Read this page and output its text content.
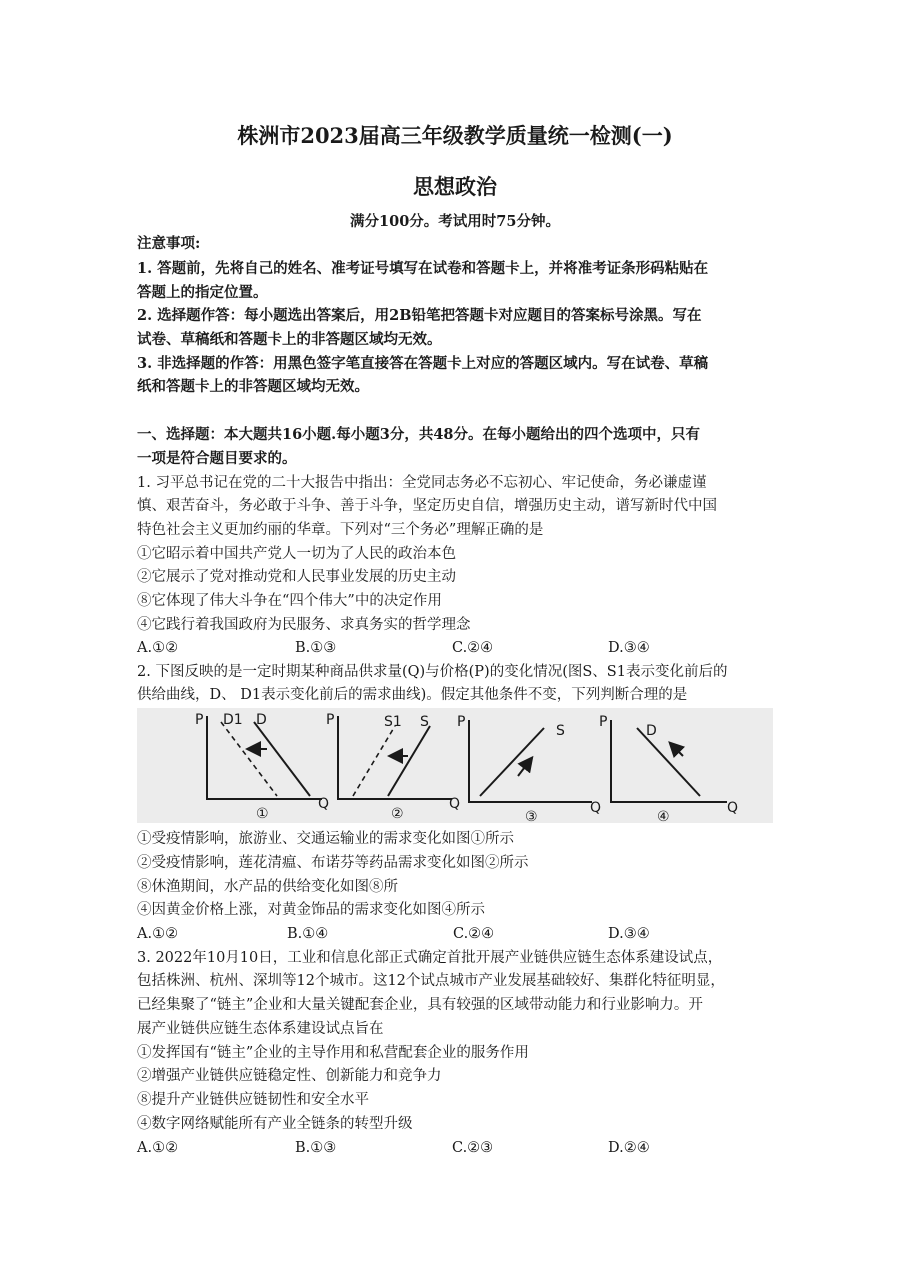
株洲市2023届高三年级教学质量统一检测(一)
思想政治
满分100分。考试用时75分钟。
注意事项:
1. 答题前，先将自己的姓名、准考证号填写在试卷和答题卡上，并将准考证条形码粘贴在
答题上的指定位置。
2. 选择题作答：每小题选出答案后，用2B铅笔把答题卡对应题目的答案标号涂黑。写在
试卷、草稿纸和答题卡上的非答题区域均无效。
3. 非选择题的作答：用黑色签字笔直接答在答题卡上对应的答题区域内。写在试卷、草稿
纸和答题卡上的非答题区域均无效。
一、选择题：本大题共16小题.每小题3分，共48分。在每小题给出的四个选项中，只有
一项是符合题目要求的。
1. 习平总书记在党的二十大报告中指出：全党同志务必不忘初心、牢记使命，务必谦虚谨
慎、艰苦奋斗，务必敢于斗争、善于斗争，坚定历史自信，增强历史主动，谱写新时代中国
特色社会主义更加约丽的华章。下列对“三个务必”理解正确的是
①它昭示着中国共产党人一切为了人民的政治本色
②它展示了党对推动党和人民事业发展的历史主动
⑧它体现了伟大斗争在“四个伟大”中的决定作用
④它践行着我国政府为民服务、求真务实的哲学理念
A.①②	B.①③	C.②④	D.③④
2. 下图反映的是一定时期某种商品供求量(Q)与价格(P)的变化情况(图S、S1表示变化前后的
供给曲线，D、 D1表示变化前后的需求曲线)。假定其他条件不变，下列判断合理的是
P
Q
D1 D
①
P
Q
S1 S
②
P
Q
S
③
P
Q
D
④
①受疫情影响，旅游业、交通运输业的需求变化如图①所示
②受疫情影响，莲花清瘟、布诺芬等药品需求变化如图②所示
⑧休渔期间，水产品的供给变化如图⑧所
④因黄金价格上涨，对黄金饰品的需求变化如图④所示
A.①②	B.①④	C.②④	D.③④
3. 2022年10月10日，工业和信息化部正式确定首批开展产业链供应链生态体系建设试点，
包括株洲、杭州、深圳等12个城市。这12个试点城市产业发展基础较好、集群化特征明显，
已经集聚了“链主”企业和大量关键配套企业，具有较强的区域带动能力和行业影响力。开
展产业链供应链生态体系建设试点旨在
①发挥国有“链主”企业的主导作用和私营配套企业的服务作用
②增强产业链供应链稳定性、创新能力和竞争力
⑧提升产业链供应链韧性和安全水平
④数字网络赋能所有产业全链条的转型升级
A.①②	B.①③	C.②③	D.②④
